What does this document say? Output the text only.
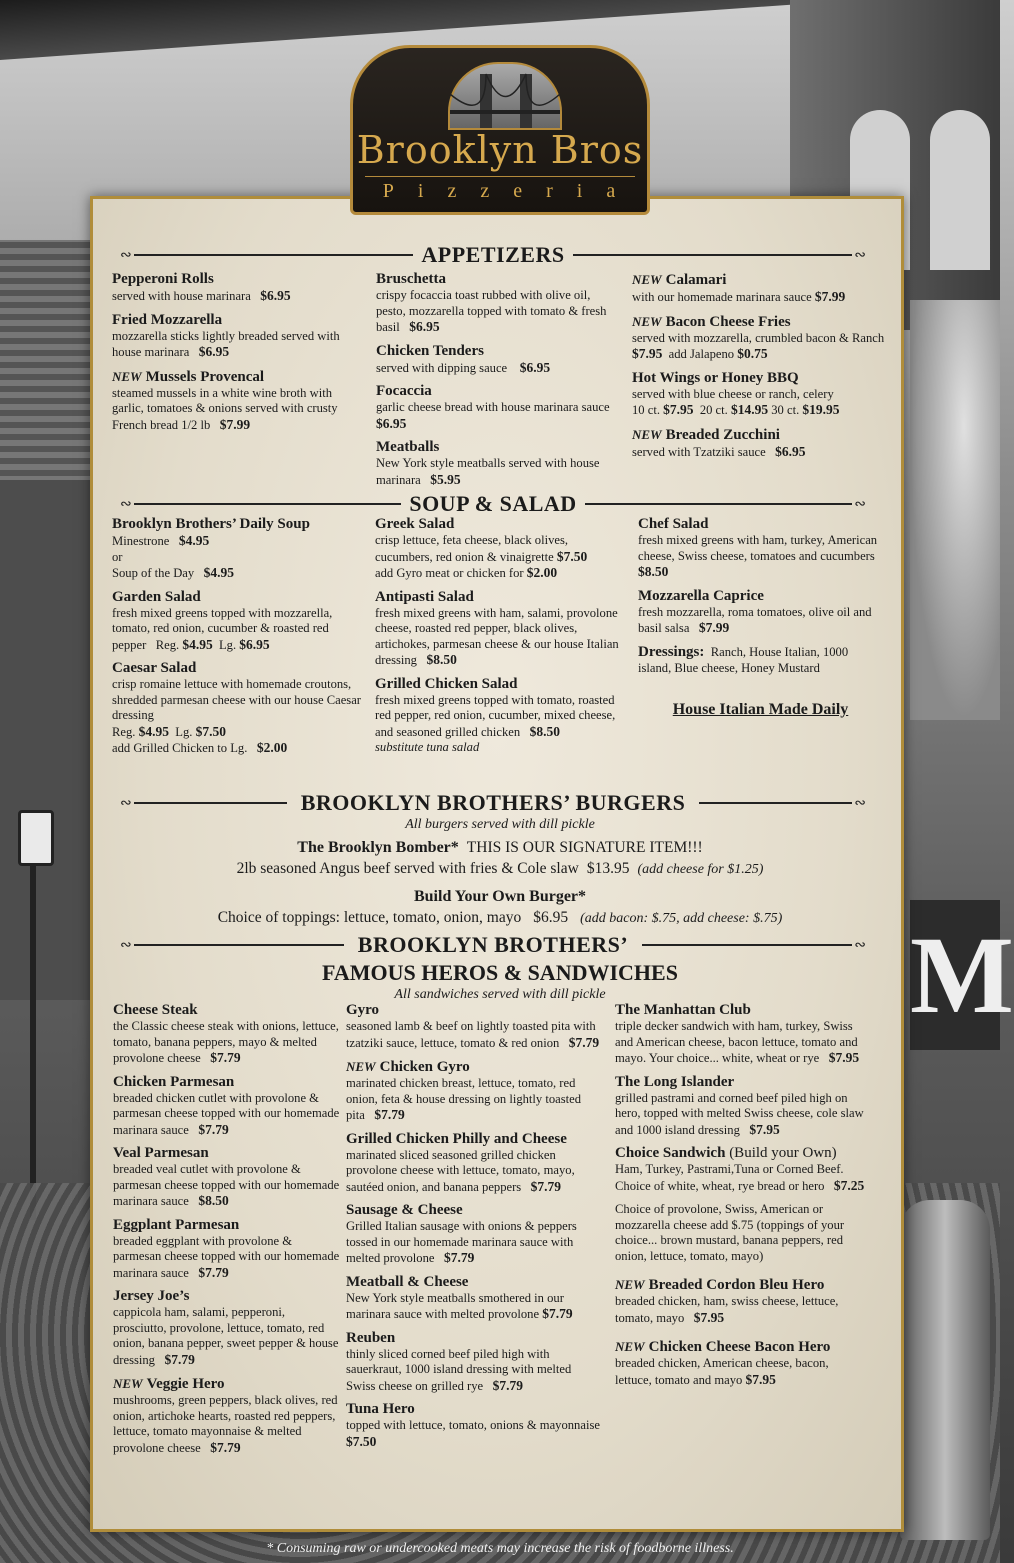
M
Brooklyn Bros
Pizzeria
∾	APPETIZERS	∾
Pepperoni Rolls
served with house marinara $6.95
Fried Mozzarella
mozzarella sticks lightly breaded served with house marinara $6.95
NEW Mussels Provencal
steamed mussels in a white wine broth with garlic, tomatoes & onions served with crusty French bread 1/2 lb $7.99
Bruschetta
crispy focaccia toast rubbed with olive oil, pesto, mozzarella topped with tomato & fresh basil $6.95
Chicken Tenders
served with dipping sauce $6.95
Focaccia
garlic cheese bread with house marinara sauce   $6.95
Meatballs
New York style meatballs served with house marinara $5.95
NEW Calamari
with our homemade marinara sauce $7.99
NEW Bacon Cheese Fries
served with mozzarella, crumbled bacon & Ranch $7.95 add Jalapeno $0.75
Hot Wings or Honey BBQ
served with blue cheese or ranch, celery
10 ct. $7.95 20 ct. $14.95 30 ct. $19.95
NEW Breaded Zucchini
served with Tzatziki sauce $6.95
∾	SOUP & SALAD	∾
Brooklyn Brothers’ Daily Soup
Minestrone $4.95
or
Soup of the Day $4.95
Garden Salad
fresh mixed greens topped with mozzarella, tomato, red onion, cucumber & roasted red pepper Reg. $4.95 Lg. $6.95
Caesar Salad
crisp romaine lettuce with homemade croutons, shredded parmesan cheese with our house Caesar dressing
Reg. $4.95 Lg. $7.50
add Grilled Chicken to Lg. $2.00
Greek Salad
crisp lettuce, feta cheese, black olives, cucumbers, red onion & vinaigrette $7.50
add Gyro meat or chicken for $2.00
Antipasti Salad
fresh mixed greens with ham, salami, provolone cheese, roasted red pepper, black olives, artichokes, parmesan cheese & our house Italian dressing $8.50
Grilled Chicken Salad
fresh mixed greens topped with tomato, roasted red pepper, red onion, cucumber, mixed cheese, and seasoned grilled chicken $8.50
substitute tuna salad
Chef Salad
fresh mixed greens with ham, turkey, American cheese, Swiss cheese, tomatoes and cucumbers   $8.50
Mozzarella Caprice
fresh mozzarella, roma tomatoes, olive oil and basil salsa $7.99
Dressings: Ranch, House Italian, 1000 island, Blue cheese, Honey Mustard
House Italian Made Daily
∾	BROOKLYN BROTHERS’ BURGERS	∾
All burgers served with dill pickle
The Brooklyn Bomber* THIS IS OUR SIGNATURE ITEM!!!
2lb seasoned Angus beef served with fries & Cole slaw $13.95 (add cheese for $1.25)
Build Your Own Burger*
Choice of toppings: lettuce, tomato, onion, mayo $6.95 (add bacon: $.75, add cheese: $.75)
∾	BROOKLYN BROTHERS’	∾
FAMOUS HEROS & SANDWICHES
All sandwiches served with dill pickle
Cheese Steak
the Classic cheese steak with onions, lettuce, tomato, banana peppers, mayo & melted provolone cheese $7.79
Chicken Parmesan
breaded chicken cutlet with provolone & parmesan cheese topped with our homemade marinara sauce $7.79
Veal Parmesan
breaded veal cutlet with provolone & parmesan cheese topped with our homemade marinara sauce $8.50
Eggplant Parmesan
breaded eggplant with provolone & parmesan cheese topped with our homemade marinara sauce $7.79
Jersey Joe’s
cappicola ham, salami, pepperoni, prosciutto, provolone, lettuce, tomato, red onion, banana pepper, sweet pepper & house dressing $7.79
NEW Veggie Hero
mushrooms, green peppers, black olives, red onion, artichoke hearts, roasted red peppers, lettuce, tomato mayonnaise & melted provolone cheese $7.79
Gyro
seasoned lamb & beef on lightly toasted pita with tzatziki sauce, lettuce, tomato & red onion $7.79
NEW Chicken Gyro
marinated chicken breast, lettuce, tomato, red onion, feta & house dressing on lightly toasted pita $7.79
Grilled Chicken Philly and Cheese
marinated sliced seasoned grilled chicken provolone cheese with lettuce, tomato, mayo, sautéed onion, and banana peppers $7.79
Sausage & Cheese
Grilled Italian sausage with onions & peppers tossed in our homemade marinara sauce with melted provolone $7.79
Meatball & Cheese
New York style meatballs smothered in our marinara sauce with melted provolone $7.79
Reuben
thinly sliced corned beef piled high with sauerkraut, 1000 island dressing with melted Swiss cheese on grilled rye $7.79
Tuna Hero
topped with lettuce, tomato, onions & mayonnaise $7.50
The Manhattan Club
triple decker sandwich with ham, turkey, Swiss and American cheese, bacon lettuce, tomato and mayo. Your choice... white, wheat or rye $7.95
The Long Islander
grilled pastrami and corned beef piled high on hero, topped with melted Swiss cheese, cole slaw and 1000 island dressing $7.95
Choice Sandwich (Build your Own)
Ham, Turkey, Pastrami,Tuna or Corned Beef. Choice of white, wheat, rye bread or hero $7.25
Choice of provolone, Swiss, American or mozzarella cheese add $.75 (toppings of your choice... brown mustard, banana peppers, red onion, lettuce, tomato, mayo)
NEW Breaded Cordon Bleu Hero
breaded chicken, ham, swiss cheese, lettuce, tomato, mayo $7.95
NEW Chicken Cheese Bacon Hero
breaded chicken, American cheese, bacon, lettuce, tomato and mayo $7.95
* Consuming raw or undercooked meats may increase the risk of foodborne illness.
